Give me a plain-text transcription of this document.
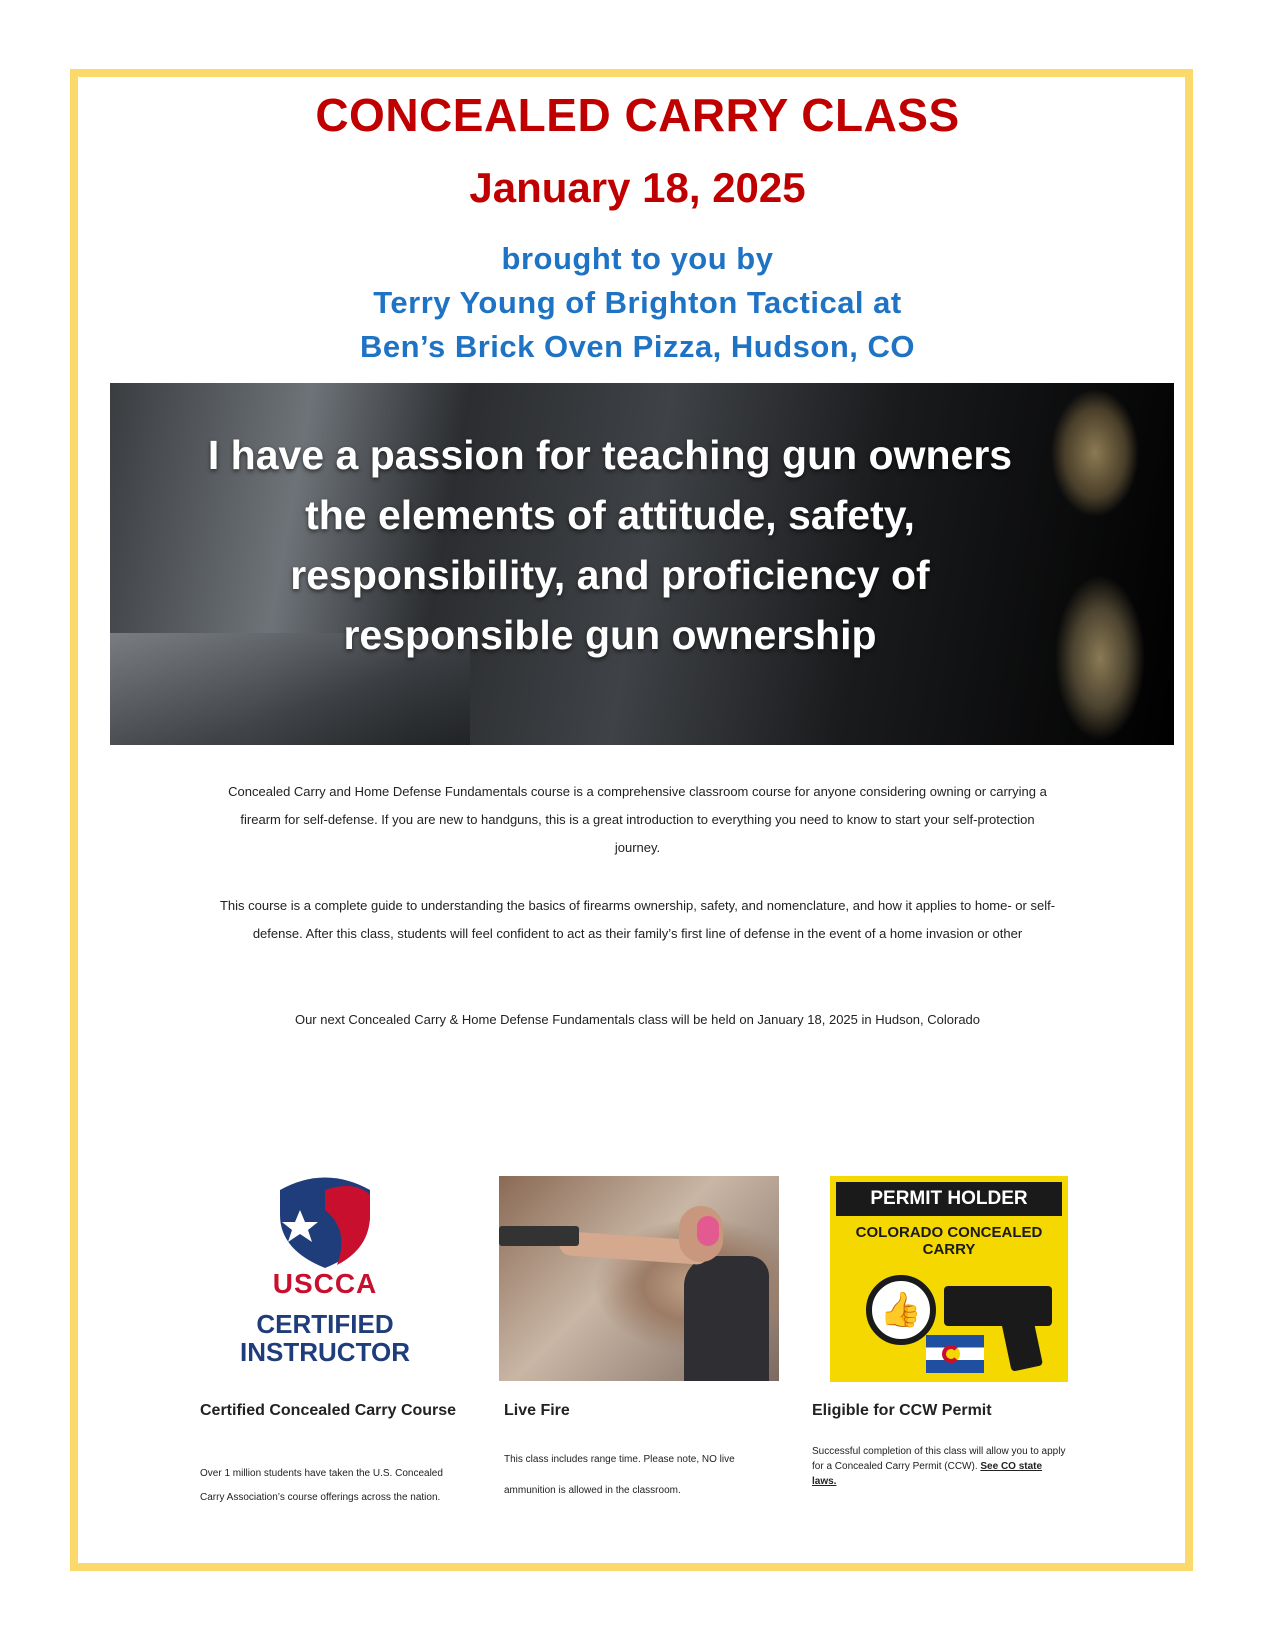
CONCEALED CARRY CLASS
January 18, 2025
brought to you by
Terry Young of Brighton Tactical at
Ben’s Brick Oven Pizza, Hudson, CO
I have a passion for teaching gun owners the elements of attitude, safety, responsibility, and proficiency of responsible gun ownership
Concealed Carry and Home Defense Fundamentals course is a comprehensive classroom course for anyone considering owning or carrying a firearm for self-defense. If you are new to handguns, this is a great introduction to everything you need to know to start your self-protection journey.
This course is a complete guide to understanding the basics of firearms ownership, safety, and nomenclature, and how it applies to home- or self-defense. After this class, students will feel confident to act as their family’s first line of defense in the event of a home invasion or other
Our next Concealed Carry & Home Defense Fundamentals class will be held on January 18, 2025 in Hudson, Colorado
USCCA
CERTIFIED INSTRUCTOR
Certified Concealed Carry Course
Over 1 million students have taken the U.S. Concealed Carry Association’s course offerings across the nation.
Live Fire
This class includes range time. Please note, NO live ammunition is allowed in the classroom.
PERMIT HOLDER
COLORADO CONCEALED CARRY
👍
Eligible for CCW Permit
Successful completion of this class will allow you to apply for a Concealed Carry Permit (CCW). See CO state laws.
